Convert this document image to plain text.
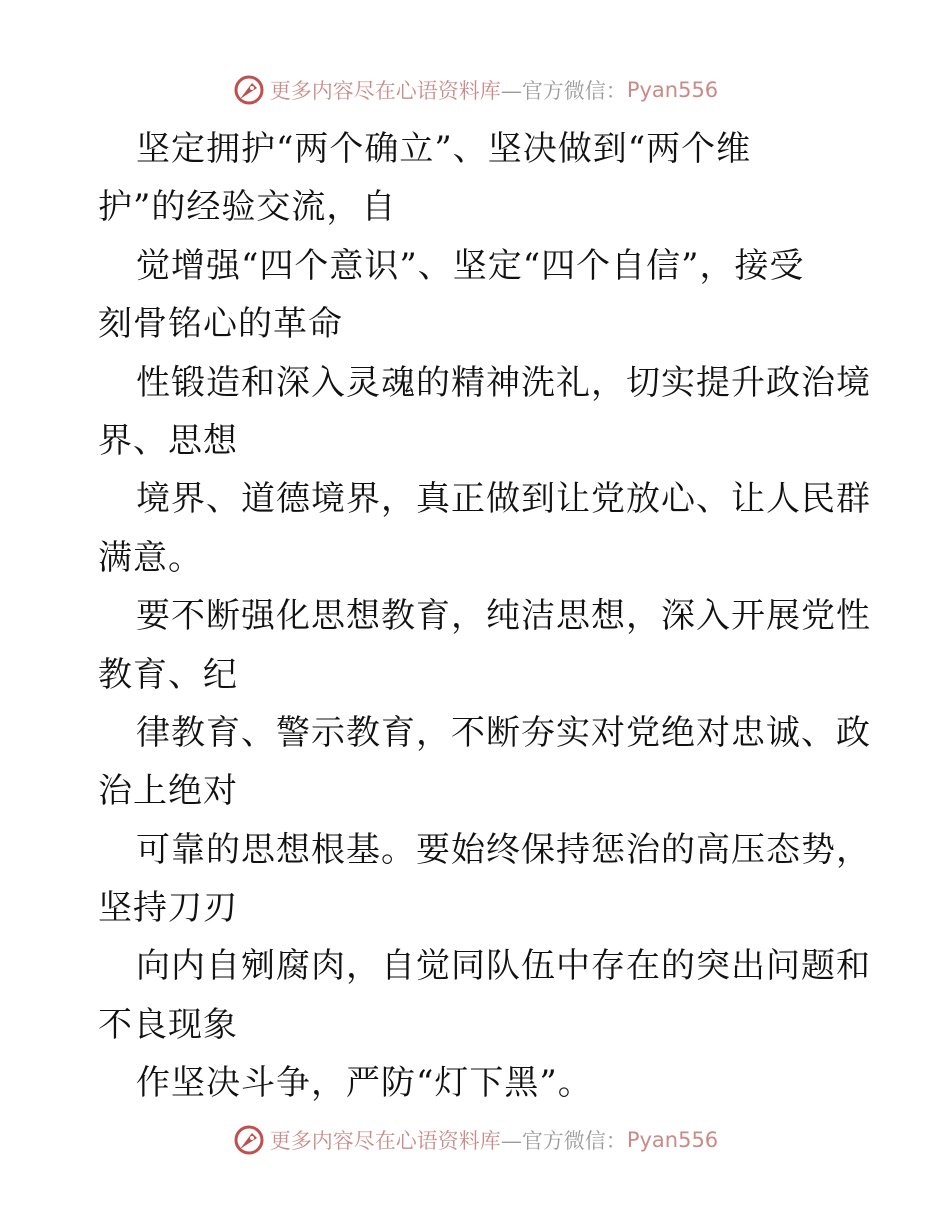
更多内容尽在心语资料库 —官方微信： Pyan556
坚定拥护“两个确立”、坚决做到“两个维
护”的经验交流，自
觉增强“四个意识”、坚定“四个自信”，接受
刻骨铭心的革命
性锻造和深入灵魂的精神洗礼，切实提升政治境
界、思想
境界、道德境界，真正做到让党放心、让人民群
满意。
要不断强化思想教育，纯洁思想，深入开展党性
教育、纪
律教育、警示教育，不断夯实对党绝对忠诚、政
治上绝对
可靠的思想根基。要始终保持惩治的高压态势，
坚持刀刃
向内自剜腐肉，自觉同队伍中存在的突出问题和
不良现象
作坚决斗争，严防“灯下黑”。
更多内容尽在心语资料库 —官方微信： Pyan556
